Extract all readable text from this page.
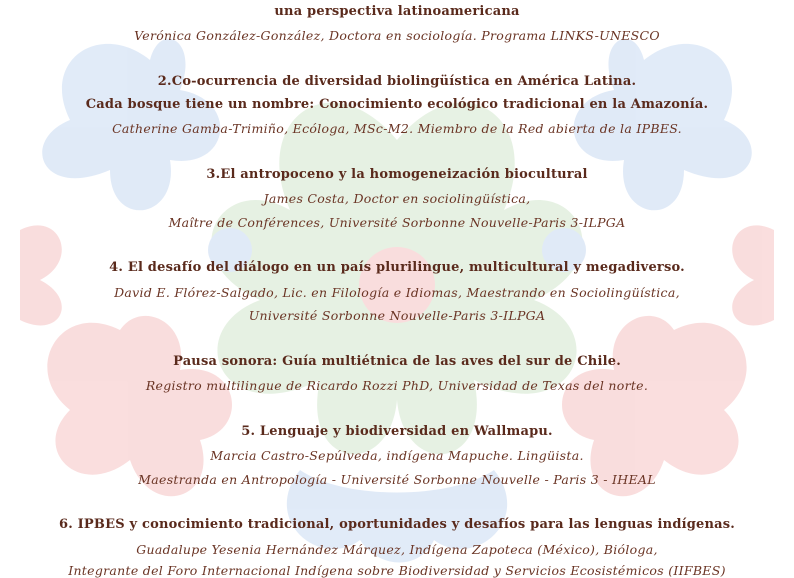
una perspectiva latinoamericana
Verónica González-González, Doctora en sociología. Programa LINKS-UNESCO
2.Co-ocurrencia de diversidad biolingüística en América Latina.
Cada bosque tiene un nombre: Conocimiento ecológico tradicional en la Amazonía.
Catherine Gamba-Trimiño, Ecóloga, MSc-M2. Miembro de la Red abierta de la IPBES.
3.El antropoceno y la homogeneización biocultural
James Costa, Doctor en sociolingüística,
Maître de Conférences, Université Sorbonne Nouvelle-Paris 3-ILPGA
4. El desafío del diálogo en un país plurilingue, multicultural y megadiverso.
David E. Flórez-Salgado, Lic. en Filología e Idiomas, Maestrando en Sociolingüística,
Université Sorbonne Nouvelle-Paris 3-ILPGA
Pausa sonora: Guía multiétnica de las aves del sur de Chile.
Registro multilingue de Ricardo Rozzi PhD, Universidad de Texas del norte.
5. Lenguaje y biodiversidad en Wallmapu.
Marcia Castro-Sepúlveda, indígena Mapuche. Lingüista.
Maestranda en Antropología - Université Sorbonne Nouvelle - Paris 3 - IHEAL
6. IPBES y conocimiento tradicional, oportunidades y desafíos para las lenguas indígenas.
Guadalupe Yesenia Hernández Márquez, Indígena Zapoteca (México), Bióloga,
Integrante del Foro Internacional Indígena sobre Biodiversidad y Servicios Ecosistémicos (IIFBES)
